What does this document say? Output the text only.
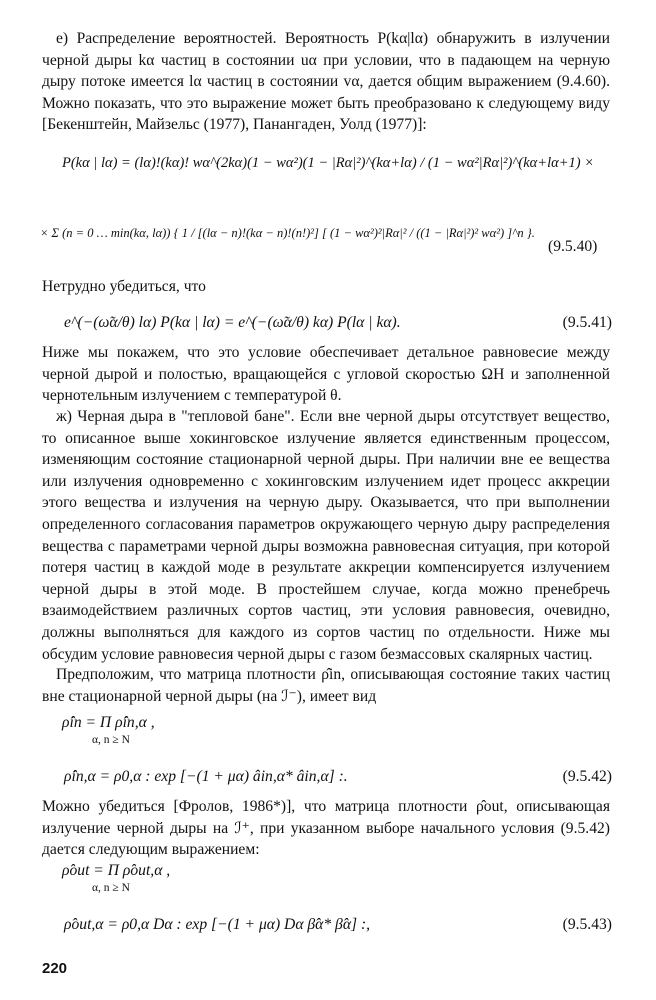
е) Распределение вероятностей. Вероятность P(kα|lα) обнаружить в излучении черной дыры kα частиц в состоянии uα при условии, что в падающем на черную дыру потоке имеется lα частиц в состоянии vα, дается общим выражением (9.4.60). Можно показать, что это выражение может быть преобразовано к следующему виду [Бекенштейн, Майзельс (1977), Панангаден, Уолд (1977)]:

P(kα | lα) = (lα)!(kα)! wα^(2kα)(1 − wα²)(1 − |Rα|²)^(kα+lα) / (1 − wα²|Rα|²)^(kα+lα+1) ×
× Σ (n = 0 … min(kα, lα)) { 1 / [(lα − n)!(kα − n)!(n!)²] [ (1 − wα²)²|Rα|² / ((1 − |Rα|²)² wα²) ]^n }.
(9.5.40)

Нетрудно убедиться, что

e^(−(ω̃α/θ) lα) P(kα | lα) = e^(−(ω̃α/θ) kα) P(lα | kα).	(9.5.41)

Ниже мы покажем, что это условие обеспечивает детальное равновесие между черной дырой и полостью, вращающейся с угловой скоростью ΩH и заполненной чернотельным излучением с температурой θ.

ж) Черная дыра в "тепловой бане". Если вне черной дыры отсутствует вещество, то описанное выше хокинговское излучение является единственным процессом, изменяющим состояние стационарной черной дыры. При наличии вне ее вещества или излучения одновременно с хокинговским излучением идет процесс аккреции этого вещества и излучения на черную дыру. Оказывается, что при выполнении определенного согласования параметров окружающего черную дыру распределения вещества с параметрами черной дыры возможна равновесная ситуация, при которой потеря частиц в каждой моде в результате аккреции компенсируется излучением черной дыры в этой моде. В простейшем случае, когда можно пренебречь взаимодействием различных сортов частиц, эти условия равновесия, очевидно, должны выполняться для каждого из сортов частиц по отдельности. Ниже мы обсудим условие равновесия черной дыры с газом безмассовых скалярных частиц.

Предположим, что матрица плотности ρ̂in, описывающая состояние таких частиц вне стационарной черной дыры (на ℐ⁻), имеет вид

ρ̂in = Π ρ̂in,α ,
α, n ≥ N
ρ̂in,α = ρ0,α : exp [−(1 + μα) âin,α* âin,α] :.	(9.5.42)

Можно убедиться [Фролов, 1986*)], что матрица плотности ρ̂out, описывающая излучение черной дыры на ℐ⁺, при указанном выборе начального условия (9.5.42) дается следующим выражением:

ρ̂out = Π ρ̂out,α ,
α, n ≥ N
ρ̂out,α = ρ0,α Dα : exp [−(1 + μα) Dα β̂α* β̂α] :,	(9.5.43)
220
